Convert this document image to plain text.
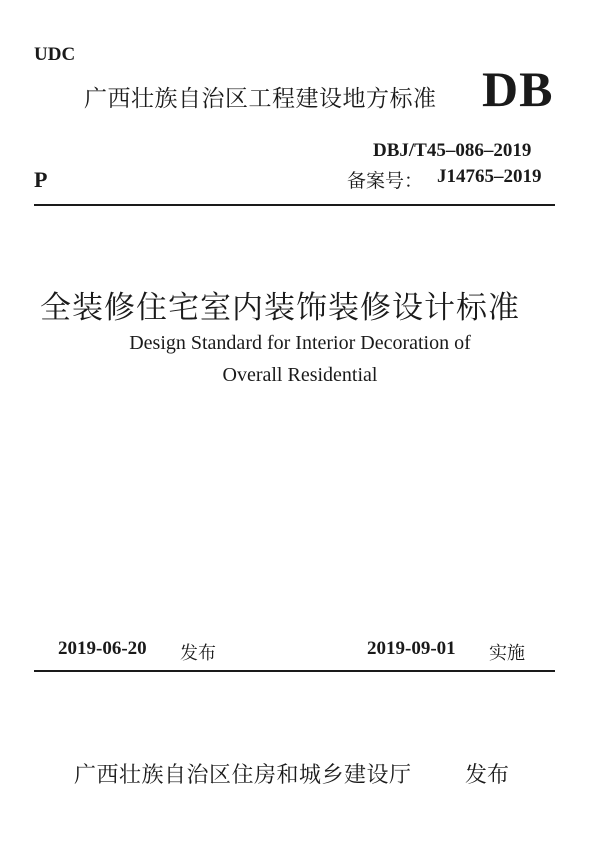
UDC
广西壮族自治区工程建设地方标准 DB
DBJ/T45–086–2019
备案号： J14765–2019
P
全装修住宅室内装饰装修设计标准
Design Standard for Interior Decoration of
Overall Residential
2019-06-20 发布	2019-09-01 实施
广西壮族自治区住房和城乡建设厅 发布
